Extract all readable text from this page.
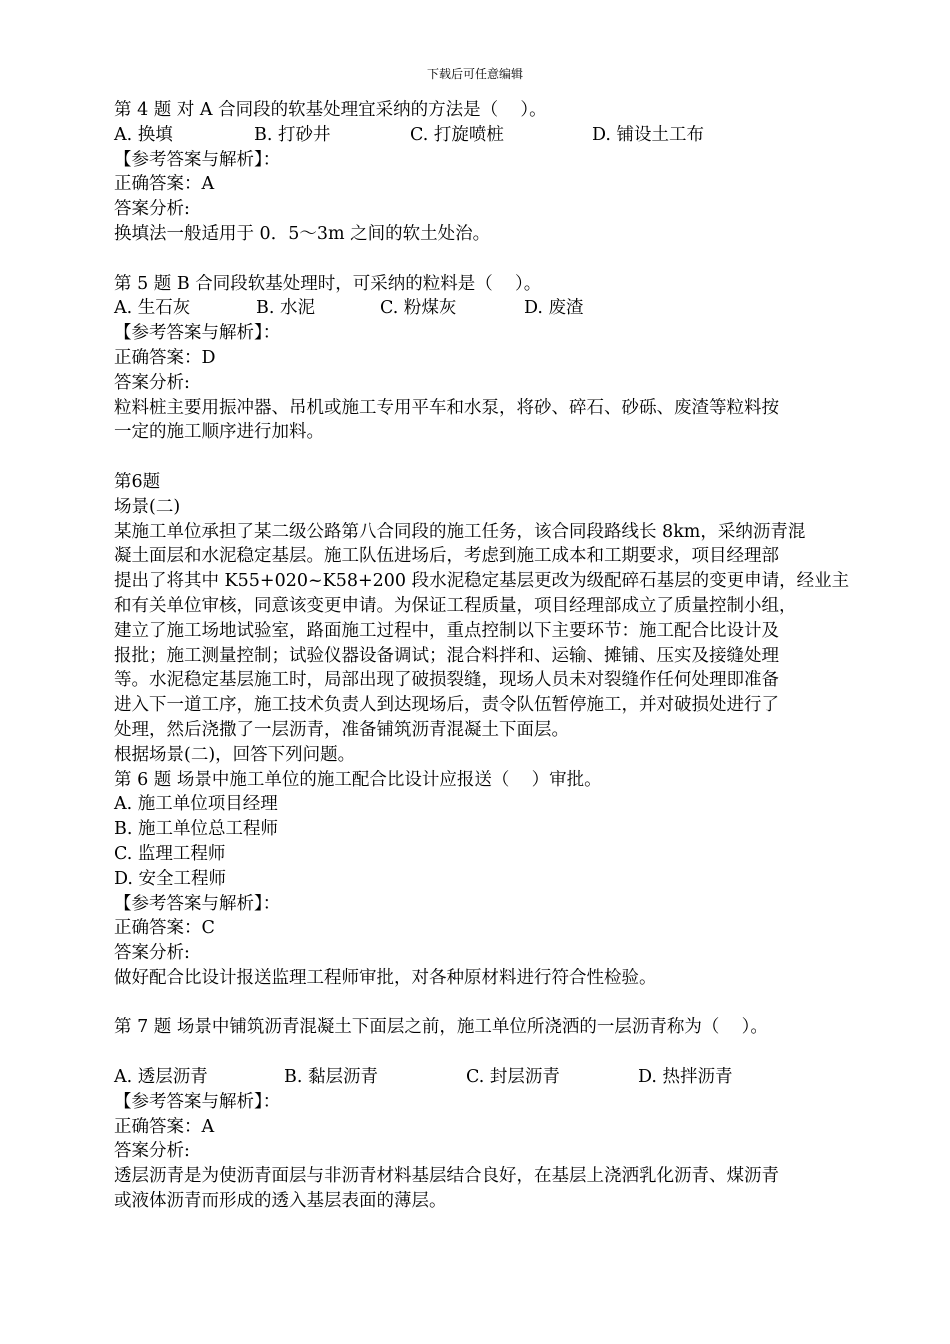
下载后可任意编辑
第 4 题 对 A 合同段的软基处理宜采纳的方法是（    ）。
A. 换填	B. 打砂井	C. 打旋喷桩	D. 铺设土工布
【参考答案与解析】：
正确答案：A
答案分析:
换填法一般适用于 0．5～3m 之间的软土处治。
第 5 题 B 合同段软基处理时，可采纳的粒料是（    ）。
A. 生石灰	B. 水泥	C. 粉煤灰	D. 废渣
【参考答案与解析】：
正确答案：D
答案分析:
粒料桩主要用振冲器、吊机或施工专用平车和水泵，将砂、碎石、砂砾、废渣等粒料按
一定的施工顺序进行加料。
第6题
场景(二)
某施工单位承担了某二级公路第八合同段的施工任务，该合同段路线长 8km，采纳沥青混
凝土面层和水泥稳定基层。施工队伍进场后，考虑到施工成本和工期要求，项目经理部
提出了将其中 K55+020~K58+200 段水泥稳定基层更改为级配碎石基层的变更申请，经业主
和有关单位审核，同意该变更申请。为保证工程质量，项目经理部成立了质量控制小组，
建立了施工场地试验室，路面施工过程中，重点控制以下主要环节：施工配合比设计及
报批；施工测量控制；试验仪器设备调试；混合料拌和、运输、摊铺、压实及接缝处理
等。水泥稳定基层施工时，局部出现了破损裂缝，现场人员未对裂缝作任何处理即准备
进入下一道工序，施工技术负责人到达现场后，责令队伍暂停施工，并对破损处进行了
处理，然后浇撒了一层沥青，准备铺筑沥青混凝土下面层。
根据场景(二)，回答下列问题。
第 6 题 场景中施工单位的施工配合比设计应报送（    ）审批。
A. 施工单位项目经理
B. 施工单位总工程师
C. 监理工程师
D. 安全工程师
【参考答案与解析】：
正确答案：C
答案分析:
做好配合比设计报送监理工程师审批，对各种原材料进行符合性检验。
第 7 题 场景中铺筑沥青混凝土下面层之前，施工单位所浇洒的一层沥青称为（    ）。
A. 透层沥青	B. 黏层沥青	C. 封层沥青	D. 热拌沥青
【参考答案与解析】：
正确答案：A
答案分析:
透层沥青是为使沥青面层与非沥青材料基层结合良好，在基层上浇洒乳化沥青、煤沥青
或液体沥青而形成的透入基层表面的薄层。
